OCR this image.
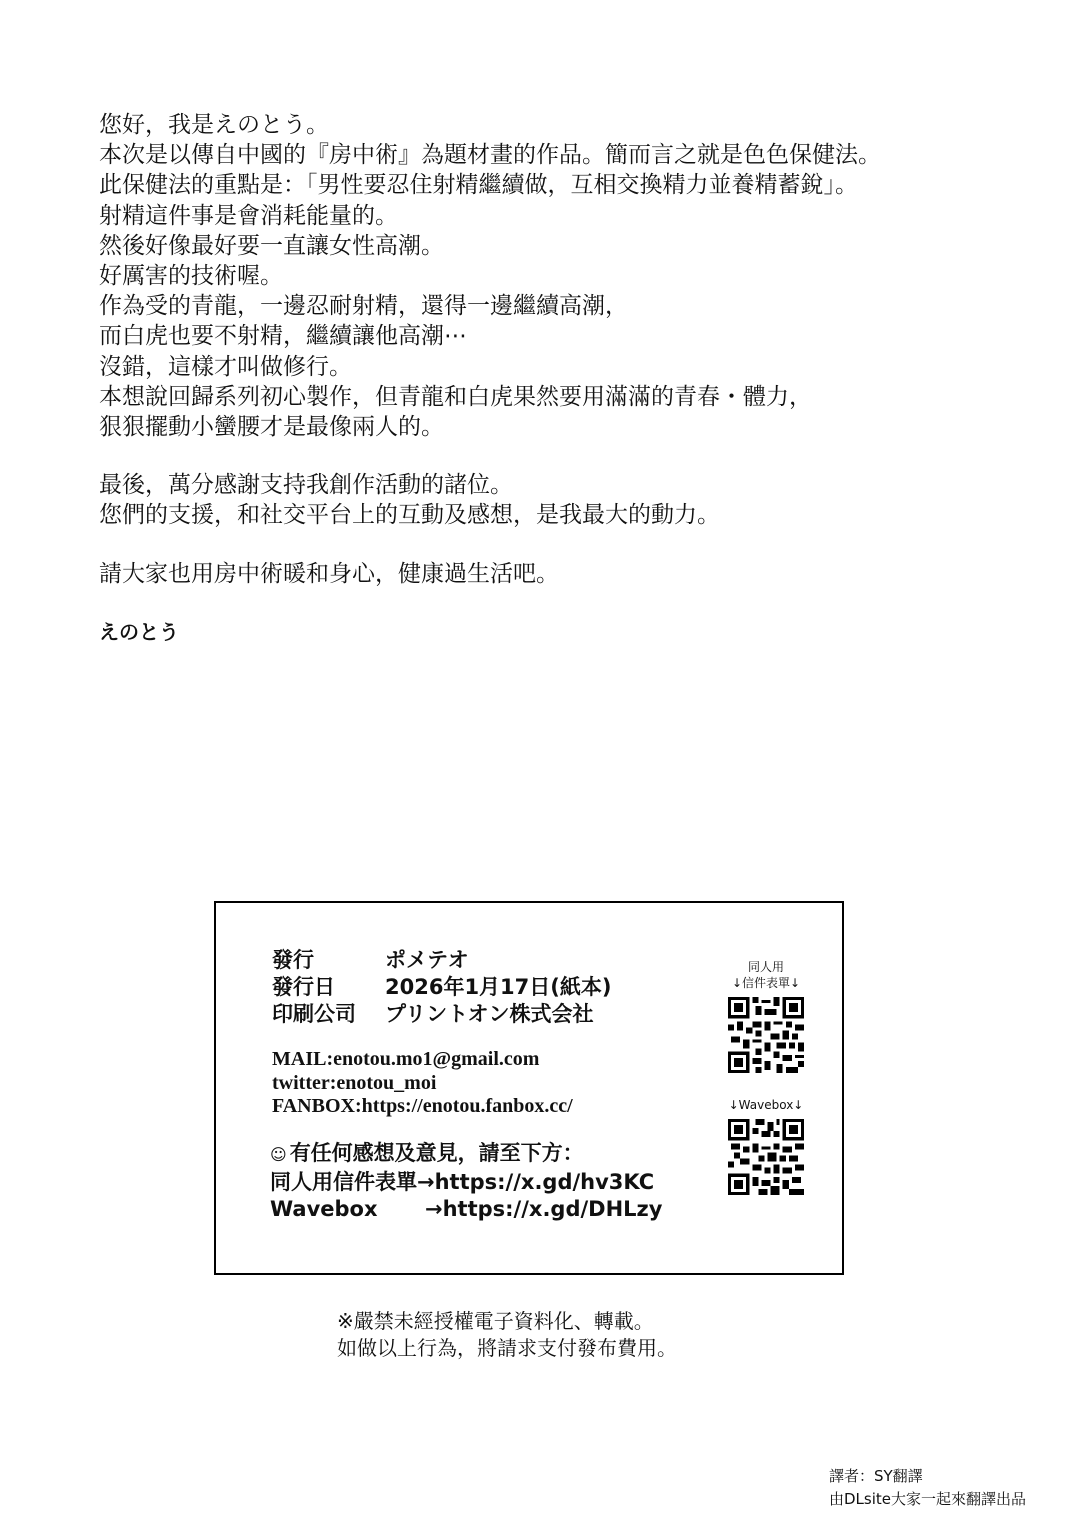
您好，我是えのとう。
本次是以傳自中國的『房中術』為題材畫的作品。簡而言之就是色色保健法。
此保健法的重點是：「男性要忍住射精繼續做，互相交換精力並養精蓄銳」。
射精這件事是會消耗能量的。
然後好像最好要一直讓女性高潮。
好厲害的技術喔。
作為受的青龍，一邊忍耐射精，還得一邊繼續高潮，
而白虎也要不射精，繼續讓他高潮⋯
沒錯，這樣才叫做修行。
本想說回歸系列初心製作，但青龍和白虎果然要用滿滿的青春・體力，
狠狠擺動小蠻腰才是最像兩人的。
最後，萬分感謝支持我創作活動的諸位。
您們的支援，和社交平台上的互動及感想，是我最大的動力。
請大家也用房中術暖和身心，健康過生活吧。
えのとう
發行	ポメテオ
發行日 2026年1月17日(紙本)
印刷公司 プリントオン株式会社
MAIL:enotou.mo1@gmail.com
twitter:enotou_moi
FANBOX:https://enotou.fanbox.cc/
☺ 有任何感想及意見，請至下方：
同人用信件表單→https://x.gd/hv3KC
Wavebox →https://x.gd/DHLzy
同人用
↓信件表單↓
↓Wavebox↓
※嚴禁未經授權電子資料化、轉載。
如做以上行為，將請求支付發布費用。
譯者：SY翻譯
由DLsite大家一起來翻譯出品
